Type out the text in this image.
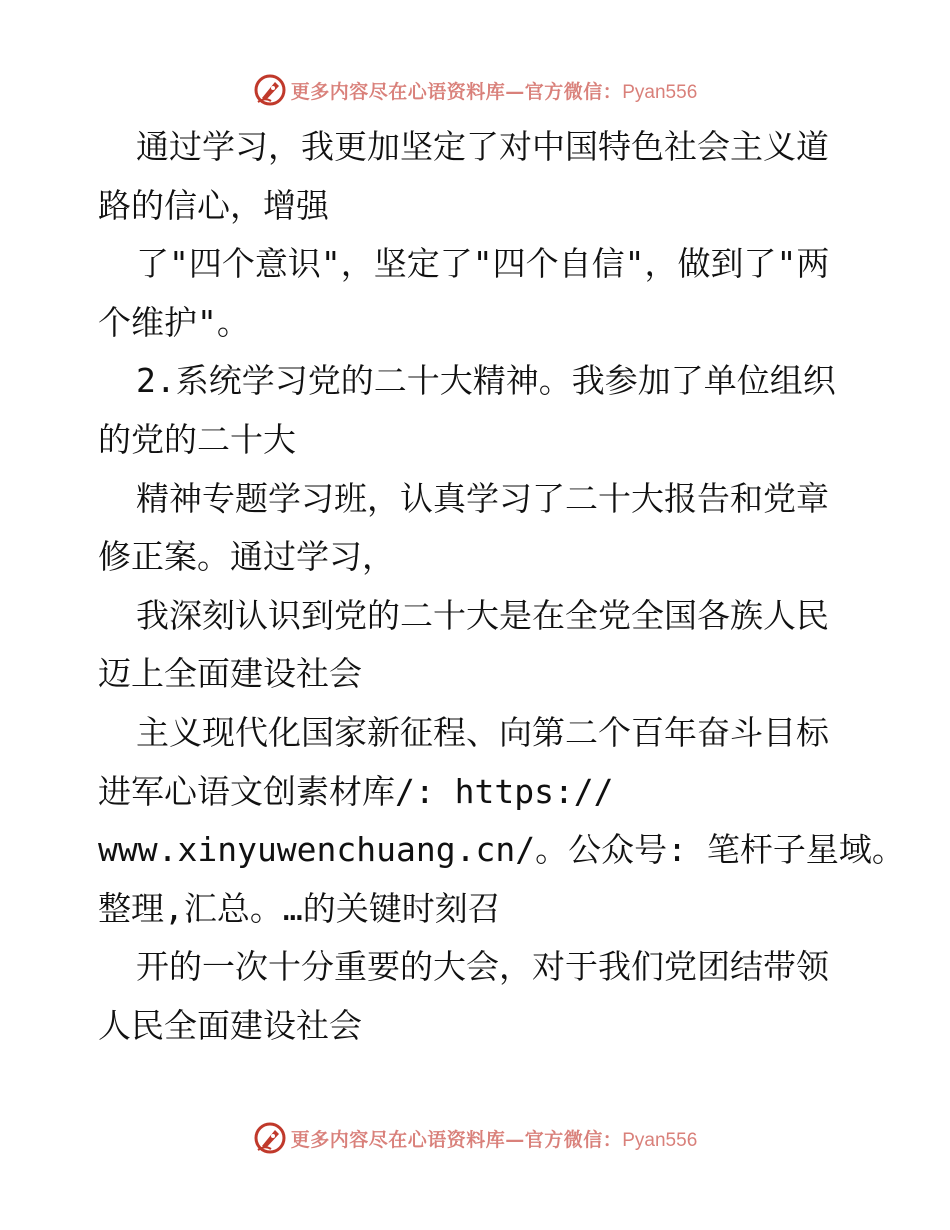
更多内容尽在心语资料库—官方微信：Pyan556
通过学习，我更加坚定了对中国特色社会主义道
路的信心，增强
了"四个意识"，坚定了"四个自信"，做到了"两
个维护"。
2.系统学习党的二十大精神。我参加了单位组织
的党的二十大
精神专题学习班，认真学习了二十大报告和党章
修正案。通过学习，
我深刻认识到党的二十大是在全党全国各族人民
迈上全面建设社会
主义现代化国家新征程、向第二个百年奋斗目标
进军心语文创素材库/: https://
www.xinyuwenchuang.cn/。公众号: 笔杆子星域。
整理,汇总。…的关键时刻召
开的一次十分重要的大会，对于我们党团结带领
人民全面建设社会
更多内容尽在心语资料库—官方微信：Pyan556
